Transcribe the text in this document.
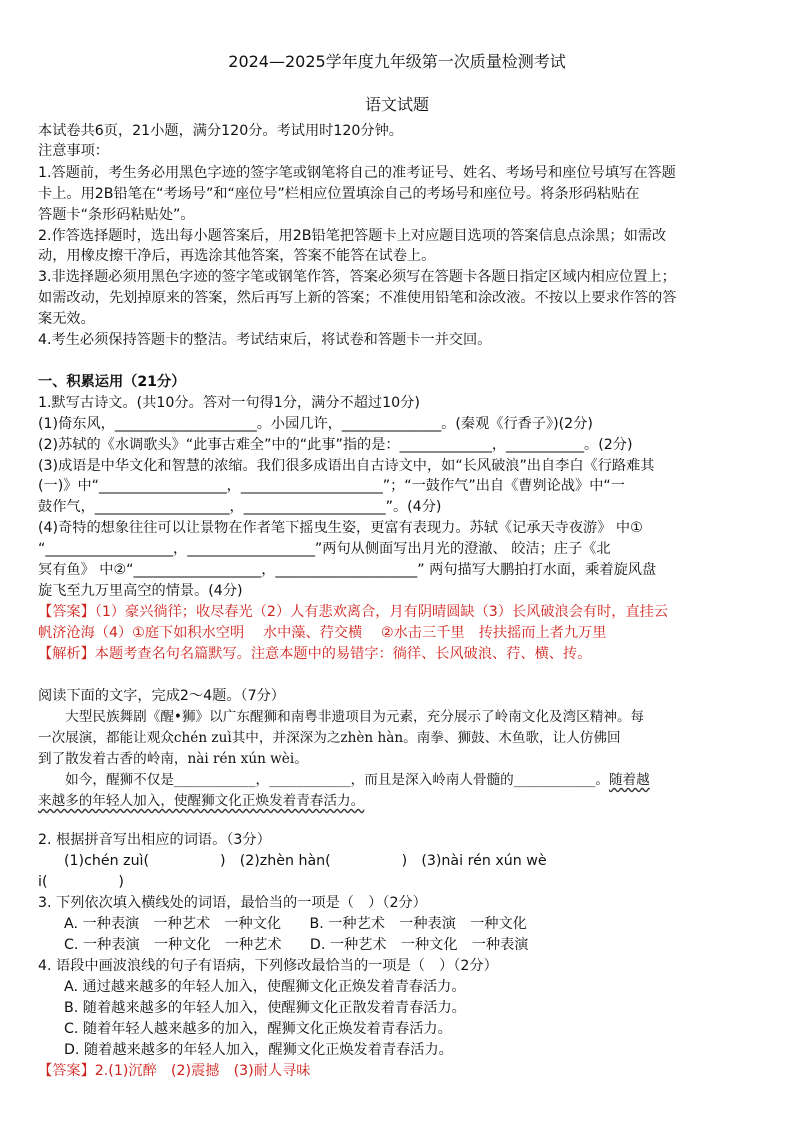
2024—2025学年度九年级第一次质量检测考试
语文试题
本试卷共6页，21小题，满分120分。考试用时120分钟。
注意事项：
1.答题前，考生务必用黑色字迹的签字笔或钢笔将自己的准考证号、姓名、考场号和座位号填写在答题
卡上。用2B铅笔在“考场号”和“座位号”栏相应位置填涂自己的考场号和座位号。将条形码粘贴在
答题卡“条形码粘贴处”。
2.作答选择题时，选出每小题答案后，用2B铅笔把答题卡上对应题目选项的答案信息点涂黑；如需改
动，用橡皮擦干净后，再选涂其他答案，答案不能答在试卷上。
3.非选择题必须用黑色字迹的签字笔或钢笔作答，答案必须写在答题卡各题日指定区域内相应位置上；
如需改动，先划掉原来的答案，然后再写上新的答案；不准使用铅笔和涂改液。不按以上要求作答的答
案无效。
4.考生必须保持答题卡的整洁。考试结束后，将试卷和答题卡一并交回。
一、积累运用（21分）
1.默写古诗文。(共10分。答对一句得1分，满分不超过10分)
(1)倚东风，____________________。小园几许，______________。(秦观《行香子》)(2分)
(2)苏轼的《水调歌头》“此事古难全”中的“此事”指的是：_____________，___________。(2分)
(3)成语是中华文化和智慧的浓缩。我们很多成语出自古诗文中，如“长风破浪”出自李白《行路难其
(一)》中“__________________，____________________”；“一鼓作气”出自《曹刿论战》中“一
鼓作气，___________________，____________________”。(4分)
(4)奇特的想象往往可以让景物在作者笔下摇曳生姿，更富有表现力。苏轼《记承天寺夜游》 中①
“__________________，__________________”两句从侧面写出月光的澄澈、 皎洁；庄子《北
冥有鱼》 中②“__________________，____________________” 两句描写大鹏拍打水面，乘着旋风盘
旋飞至九万里高空的情景。(4分)
【答案】（1）豪兴徜徉；收尽春光（2）人有悲欢离合，月有阴晴圆缺（3）长风破浪会有时，直挂云
帆济沧海（4）①庭下如积水空明　 水中藻、荇交横　 ②水击三千里　抟扶摇而上者九万里
【解析】本题考查名句名篇默写。注意本题中的易错字：徜徉、长风破浪、荇、横、抟。
阅读下面的文字，完成2～4题。（7分）
　　大型民族舞剧《醒•狮》以广东醒狮和南粤非遗项目为元素，充分展示了岭南文化及湾区精神。每
一次展演，都能让观众chén zuì其中，并深深为之zhèn hàn。南拳、狮鼓、木鱼歌，让人仿佛回
到了散发着古香的岭南，nài rén xún wèi。
　　如今，醒狮不仅是____________，____________，而且是深入岭南人骨髓的____________。随着越
来越多的年轻人加入，使醒狮文化正焕发着青春活力。
2. 根据拼音写出相应的词语。（3分）
(1)chén zuì(　　　　　)　(2)zhèn hàn(　　　　　)　(3)nài rén xún wè
i(　　　　　)
3. 下列依次填入横线处的词语，最恰当的一项是（　）（2分）
A. 一种表演　一种艺术　一种文化　　B. 一种艺术　一种表演　一种文化
C. 一种表演　一种文化　一种艺术　　D. 一种艺术　一种文化　一种表演
4. 语段中画波浪线的句子有语病，下列修改最恰当的一项是（　）（2分）
A. 通过越来越多的年轻人加入，使醒狮文化正焕发着青春活力。
B. 随着越来越多的年轻人加入，使醒狮文化正散发着青春活力。
C. 随着年轻人越来越多的加入，醒狮文化正焕发着青春活力。
D. 随着越来越多的年轻人加入，醒狮文化正焕发着青春活力。
【答案】2.(1)沉醉　(2)震撼　(3)耐人寻味
